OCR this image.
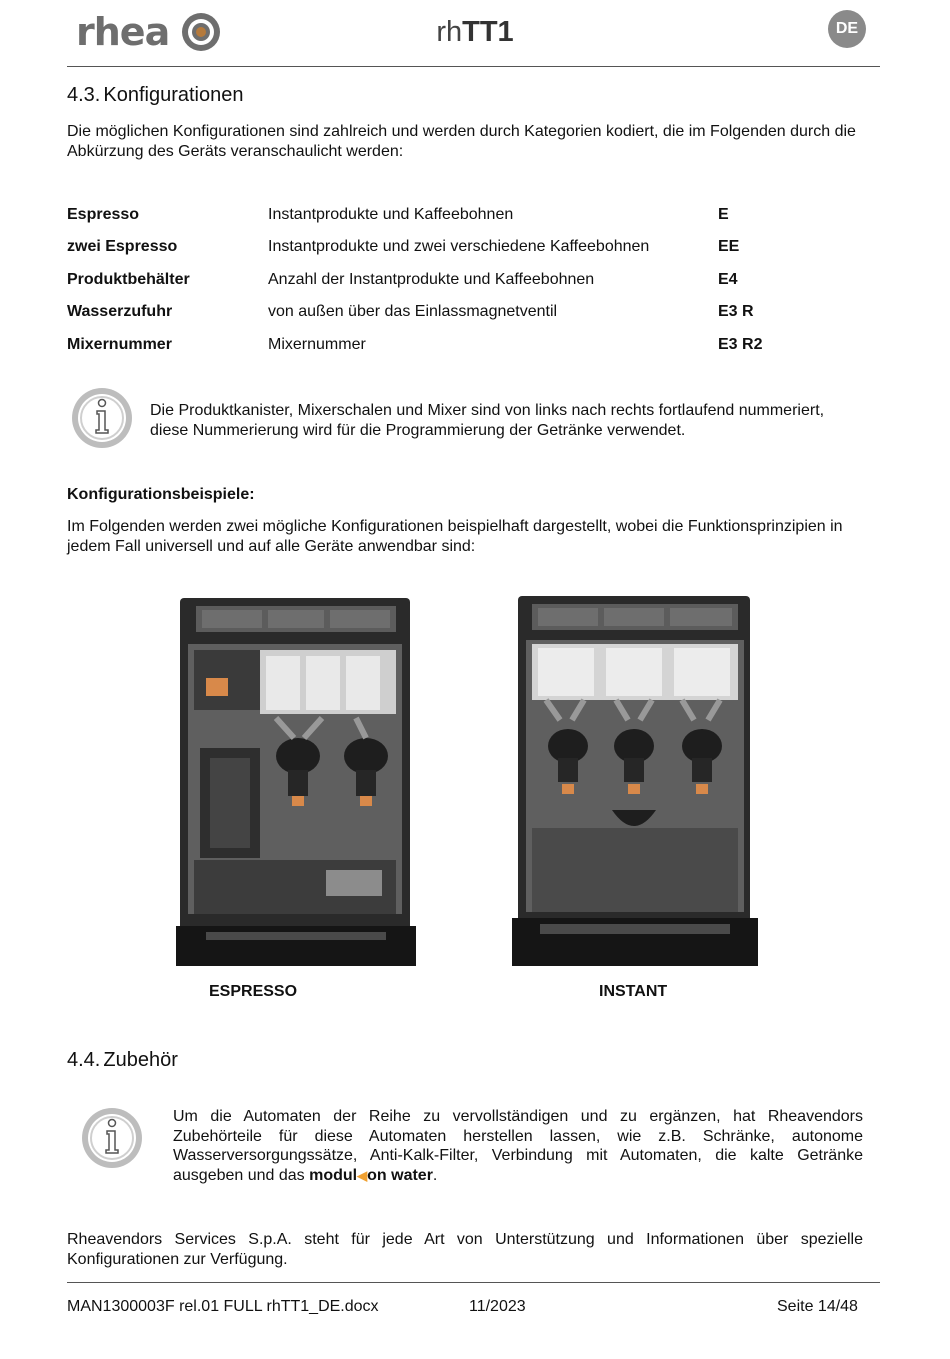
rhea	rhTT1	DE
4.3. Konfigurationen
Die möglichen Konfigurationen sind zahlreich und werden durch Kategorien kodiert, die im Folgenden durch die Abkürzung des Geräts veranschaulicht werden:
Espresso	Instantprodukte und Kaffeebohnen	E
zwei Espresso	Instantprodukte und zwei verschiedene Kaffeebohnen	EE
Produktbehälter	Anzahl der Instantprodukte und Kaffeebohnen	E4
Wasserzufuhr	von außen über das Einlassmagnetventil	E3 R
Mixernummer	Mixernummer	E3 R2
Die Produktkanister, Mixerschalen und Mixer sind von links nach rechts fortlaufend nummeriert, diese Nummerierung wird für die Programmierung der Getränke verwendet.
Konfigurationsbeispiele:
Im Folgenden werden zwei mögliche Konfigurationen beispielhaft dargestellt, wobei die Funktionsprinzipien in jedem Fall universell und auf alle Geräte anwendbar sind:
ESPRESSO	INSTANT
4.4. Zubehör
Um die Automaten der Reihe zu vervollständigen und zu ergänzen, hat Rheavendors Zubehörteile für diese Automaten herstellen lassen, wie z.B. Schränke, autonome Wasserversorgungssätze, Anti-Kalk-Filter, Verbindung mit Automaten, die kalte Getränke ausgeben und das modul◀on water.
Rheavendors Services S.p.A. steht für jede Art von Unterstützung und Informationen über spezielle Konfigurationen zur Verfügung.
MAN1300003F rel.01 FULL rhTT1_DE.docx	11/2023	Seite 14/48
